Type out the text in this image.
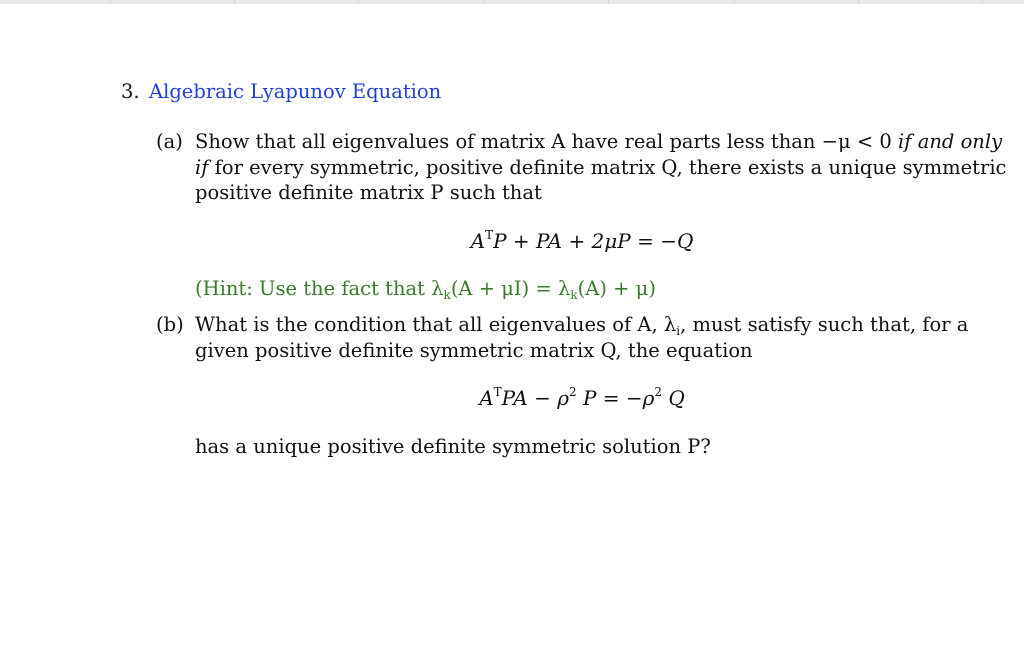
3. Algebraic Lyapunov Equation
(a) Show that all eigenvalues of matrix A have real parts less than −μ < 0 if and only
if for every symmetric, positive definite matrix Q, there exists a unique symmetric
positive definite matrix P such that
$A^TP$ + PA + 2μP = −Q
(Hint: Use the fact that $\lambda_k(A + \mu I) = \lambda_k(A) + \mu$)
(b) What is the condition that all eigenvalues of A, $\lambda_i$, must satisfy such that, for a
given positive definite symmetric matrix Q, the equation
$A^TPA - \rho^2$ $P = -\rho^2$ Q
has a unique positive definite symmetric solution P?
